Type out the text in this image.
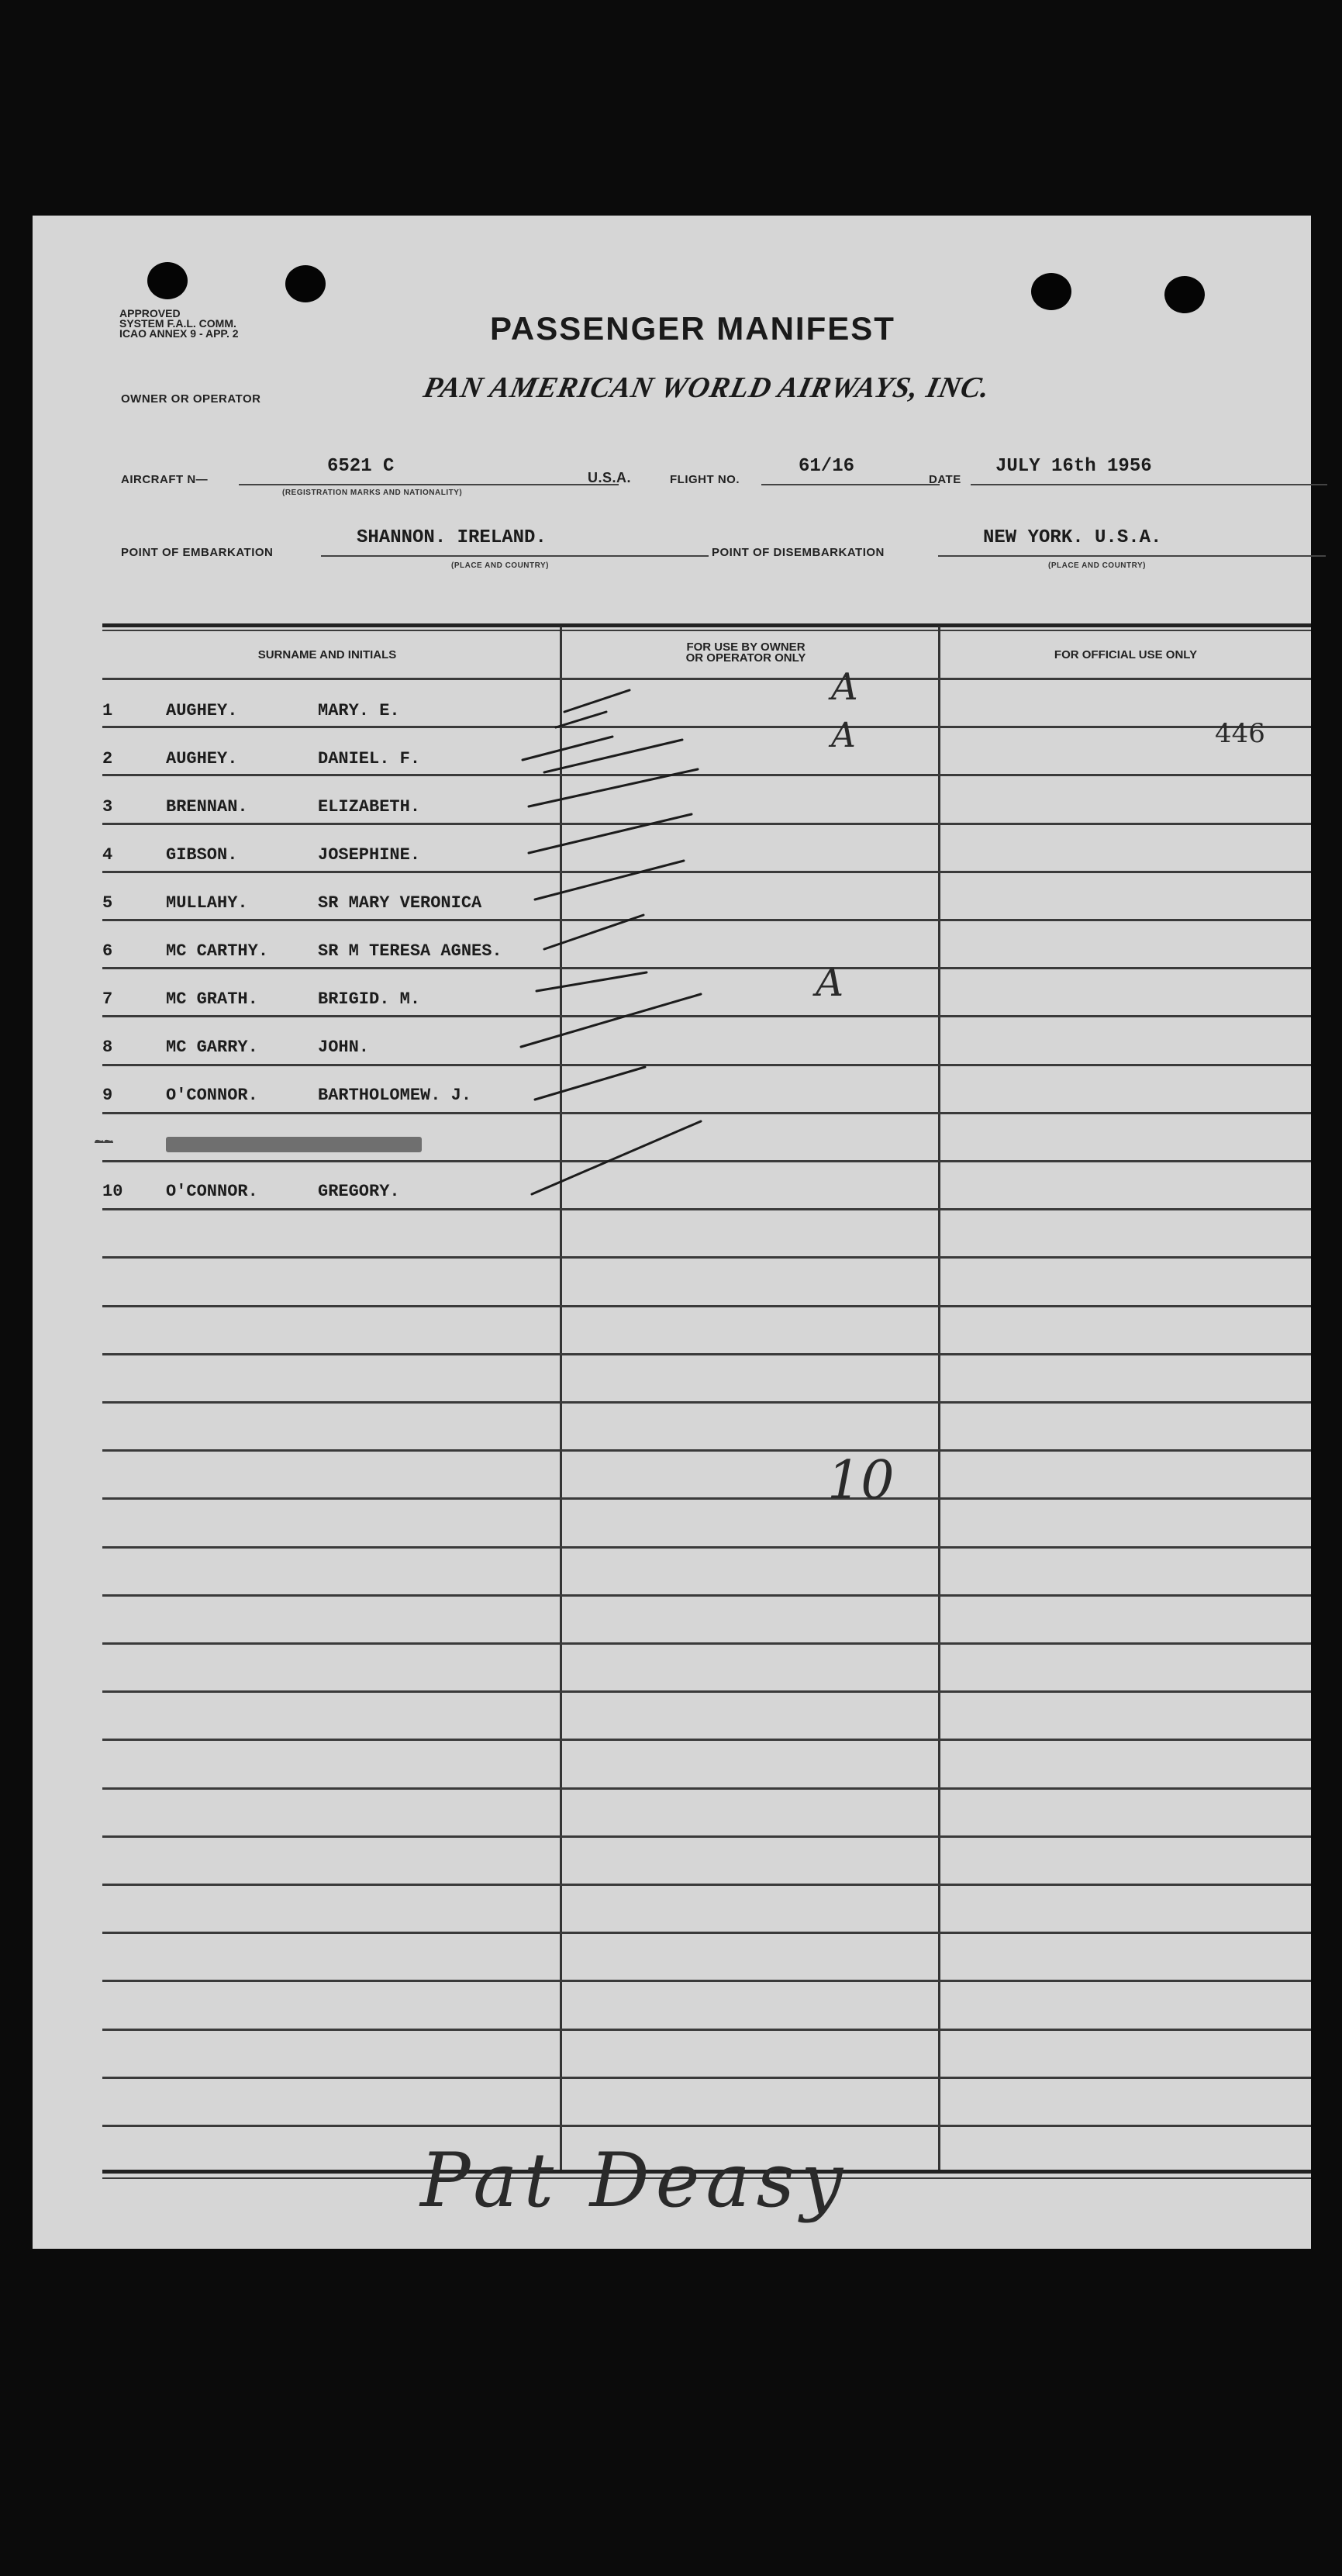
APPROVED
SYSTEM F.A.L. COMM.
ICAO ANNEX 9 - APP. 2	PASSENGER MANIFEST
OWNER OR OPERATOR	PAN AMERICAN WORLD AIRWAYS, INC.
AIRCRAFT N—
6521 C
(REGISTRATION MARKS AND NATIONALITY)
U.S.A.	FLIGHT NO.
61/16
DATE
JULY 16th 1956
POINT OF EMBARKATION
SHANNON. IRELAND.
(PLACE AND COUNTRY)
POINT OF DISEMBARKATION
NEW YORK. U.S.A.
(PLACE AND COUNTRY)
SURNAME AND INITIALS
FOR USE BY OWNER
OR OPERATOR ONLY	FOR OFFICIAL USE ONLY
1	AUGHEY.	MARY. E.
2	AUGHEY.	DANIEL. F.
3	BRENNAN.	ELIZABETH.
4	GIBSON.	JOSEPHINE.
5	MULLAHY.	SR MARY VERONICA
6	MC CARTHY.	SR M TERESA AGNES.
7	MC GRATH.	BRIGID. M.
8	MC GARRY.	JOHN.
9	O'CONNOR.	BARTHOLOMEW. J.
10	O'CONNOR.	GREGORY.
~~
A
A
A
446
10
Pat Deasy
